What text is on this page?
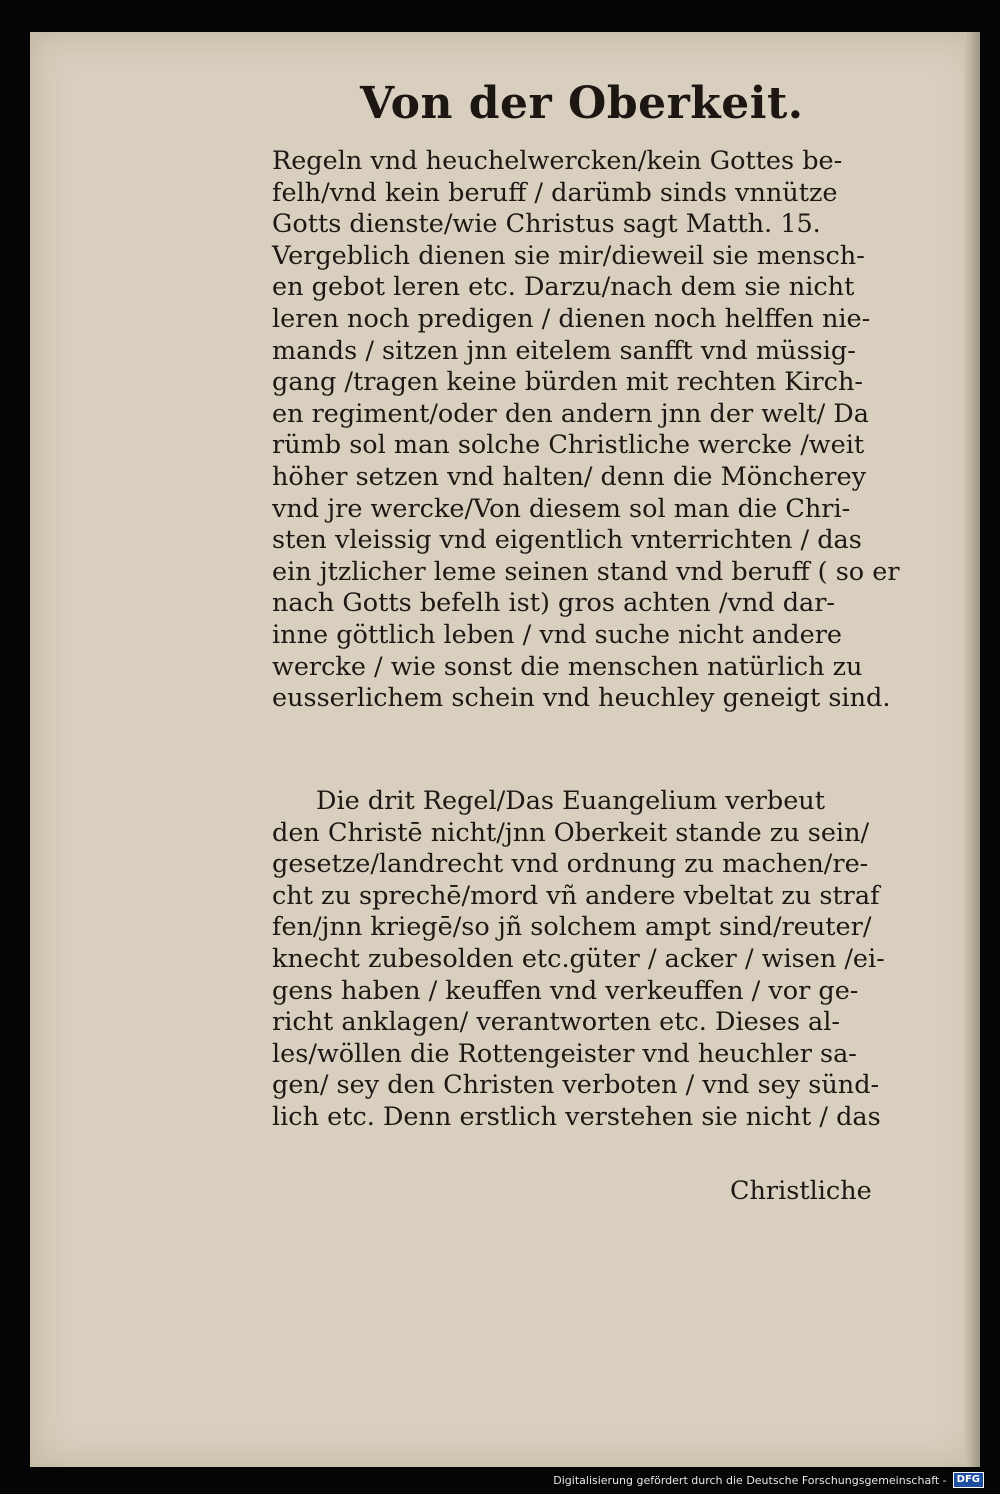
Von der Oberkeit.
Regeln vnd heuchelwercken/kein Gottes be-
felh/vnd kein beruff / darümb sinds vnnütze
Gotts dienste/wie Christus sagt Matth. 15.
Vergeblich dienen sie mir/dieweil sie mensch-
en gebot leren etc. Darzu/nach dem sie nicht
leren noch predigen / dienen noch helffen nie-
mands / sitzen jnn eitelem sanfft vnd müssig-
gang /tragen keine bürden mit rechten Kirch-
en regiment/oder den andern jnn der welt/ Da
rümb sol man solche Christliche wercke /weit
höher setzen vnd halten/ denn die Möncherey
vnd jre wercke/Von diesem sol man die Chri-
sten vleissig vnd eigentlich vnterrichten / das
ein jtzlicher leme seinen stand vnd beruff ( so er
nach Gotts befelh ist) gros achten /vnd dar-
inne göttlich leben / vnd suche nicht andere
wercke / wie sonst die menschen natürlich zu
eusserlichem schein vnd heuchley geneigt sind.
Die drit Regel/Das Euangelium verbeut
den Christē nicht/jnn Oberkeit stande zu sein/
gesetze/landrecht vnd ordnung zu machen/re-
cht zu sprechē/mord vñ andere vbeltat zu straf
fen/jnn kriegē/so jñ solchem ampt sind/reuter/
knecht zubesolden etc.güter / acker / wisen /ei-
gens haben / keuffen vnd verkeuffen / vor ge-
richt anklagen/ verantworten etc. Dieses al-
les/wöllen die Rottengeister vnd heuchler sa-
gen/ sey den Christen verboten / vnd sey sünd-
lich etc. Denn erstlich verstehen sie nicht / das
Christliche
Digitalisierung gefördert durch die Deutsche Forschungsgemeinschaft -	DFG
